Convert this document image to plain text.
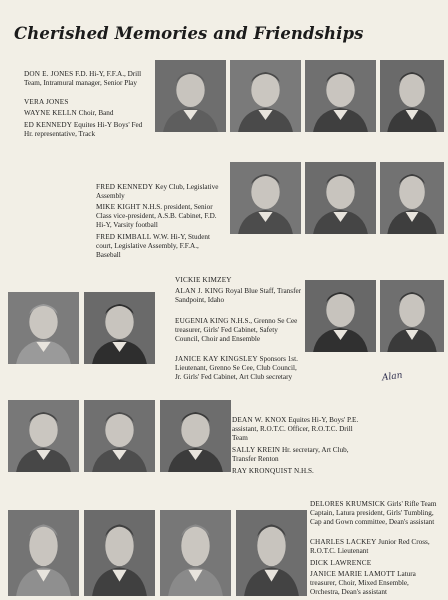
Cherished Memories and Friendships

DON E. JONES F.D. Hi-Y, F.F.A., Drill Team, Intramural manager, Senior Play

VERA JONES

WAYNE KELLN Choir, Band

ED KENNEDY Equites Hi-Y Boys' Fed Hr. representative, Track

FRED KENNEDY Key Club, Legislative Assembly

MIKE KIGHT N.H.S. president, Senior Class vice-president, A.S.B. Cabinet, F.D. Hi-Y, Varsity football

FRED KIMBALL W.W. Hi-Y, Student court, Legislative Assembly, F.F.A., Baseball

VICKIE KIMZEY

ALAN J. KING Royal Blue Staff, Transfer Sandpoint, Idaho

EUGENIA KING N.H.S., Grenno Se Cee treasurer, Girls' Fed Cabinet, Safety Council, Choir and Ensemble

JANICE KAY KINGSLEY Sponsors 1st. Lieutenant, Grenno Se Cee, Club Council, Jr. Girls' Fed Cabinet, Art Club secretary

DEAN W. KNOX Equites Hi-Y, Boys' P.E. assistant, R.O.T.C. Officer, R.O.T.C. Drill Team

SALLY KREIN Hr. secretary, Art Club, Transfer Renton

RAY KRONQUIST N.H.S.

DELORES KRUMSICK Girls' Rifle Team Captain, Latura president, Girls' Tumbling, Cap and Gown committee, Dean's assistant

CHARLES LACKEY Junior Red Cross, R.O.T.C. Lieutenant

DICK LAWRENCE

JANICE MARIE LAMOTT Latura treasurer, Choir, Mixed Ensemble, Orchestra, Dean's assistant

Alan
